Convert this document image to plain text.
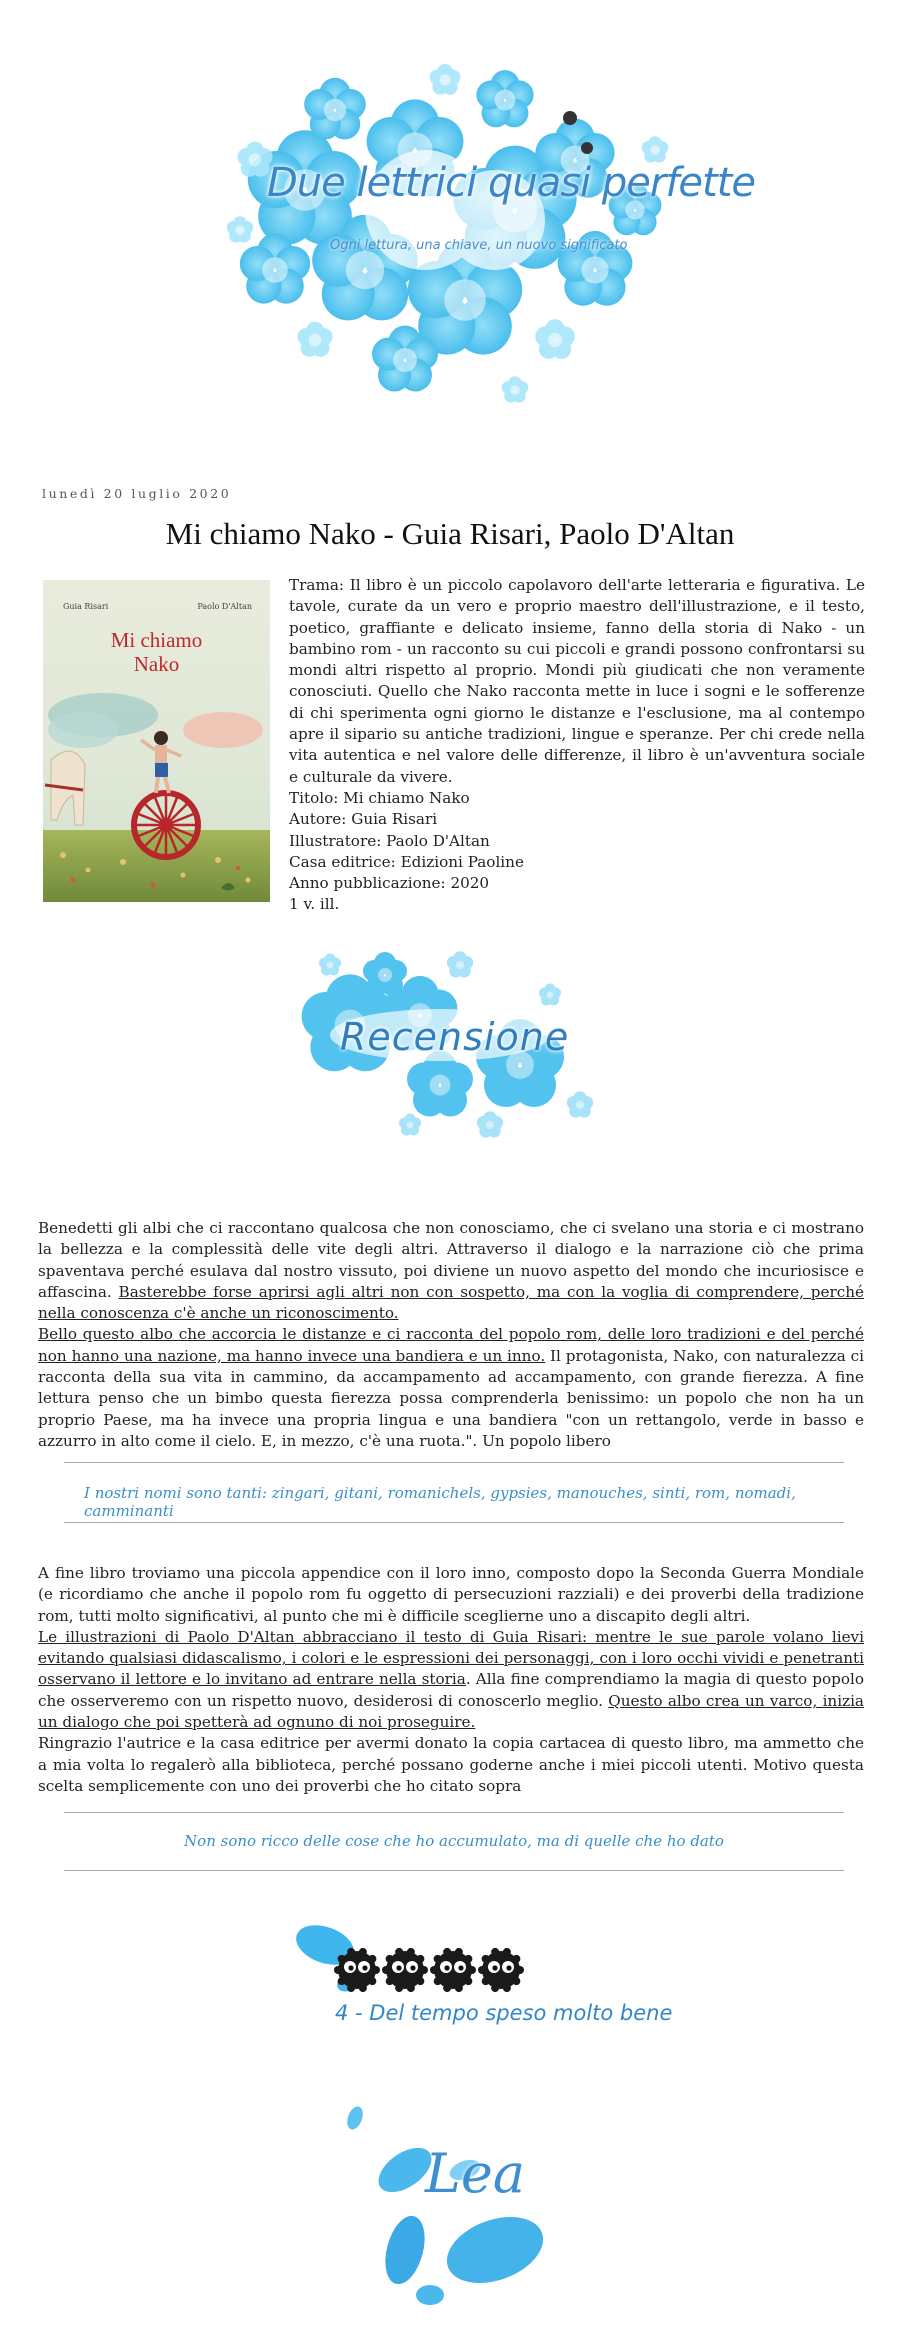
Due lettrici quasi perfette
Ogni lettura, una chiave, un nuovo significato
lunedì 20 luglio 2020
Mi chiamo Nako - Guia Risari, Paolo D'Altan
Guia Risari	Paolo D'Altan
Mi chiamo
Nako

Trama: Il libro è un piccolo capolavoro dell'arte letteraria e figurativa. Le tavole, curate da un vero e proprio maestro dell'illustrazione, e il testo, poetico, graffiante e delicato insieme, fanno della storia di Nako - un bambino rom - un racconto su cui piccoli e grandi possono confrontarsi su mondi altri rispetto al proprio. Mondi più giudicati che non veramente conosciuti. Quello che Nako racconta mette in luce i sogni e le sofferenze di chi sperimenta ogni giorno le distanze e l'esclusione, ma al contempo apre il sipario su antiche tradizioni, lingue e speranze. Per chi crede nella vita autentica e nel valore delle differenze, il libro è un'avventura sociale e culturale da vivere.

Titolo: Mi chiamo Nako

Autore: Guia Risari

Illustratore: Paolo D'Altan

Casa editrice: Edizioni Paoline

Anno pubblicazione: 2020

1 v. ill.

Recensione

Benedetti gli albi che ci raccontano qualcosa che non conosciamo, che ci svelano una storia e ci mostrano la bellezza e la complessità delle vite degli altri. Attraverso il dialogo e la narrazione ciò che prima spaventava perché esulava dal nostro vissuto, poi diviene un nuovo aspetto del mondo che incuriosisce e affascina. Basterebbe forse aprirsi agli altri non con sospetto, ma con la voglia di comprendere, perché nella conoscenza c'è anche un riconoscimento.

Bello questo albo che accorcia le distanze e ci racconta del popolo rom, delle loro tradizioni e del perché non hanno una nazione, ma hanno invece una bandiera e un inno. Il protagonista, Nako, con naturalezza ci racconta della sua vita in cammino, da accampamento ad accampamento, con grande fierezza. A fine lettura penso che un bimbo questa fierezza possa comprenderla benissimo: un popolo che non ha un proprio Paese, ma ha invece una propria lingua e una bandiera "con un rettangolo, verde in basso e azzurro in alto come il cielo. E, in mezzo, c'è una ruota.". Un popolo libero

I nostri nomi sono tanti: zingari, gitani, romanichels, gypsies, manouches, sinti, rom, nomadi, camminanti

A fine libro troviamo una piccola appendice con il loro inno, composto dopo la Seconda Guerra Mondiale (e ricordiamo che anche il popolo rom fu oggetto di persecuzioni razziali) e dei proverbi della tradizione rom, tutti molto significativi, al punto che mi è difficile sceglierne uno a discapito degli altri.

Le illustrazioni di Paolo D'Altan abbracciano il testo di Guia Risari: mentre le sue parole volano lievi evitando qualsiasi didascalismo, i colori e le espressioni dei personaggi, con i loro occhi vividi e penetranti osservano il lettore e lo invitano ad entrare nella storia. Alla fine comprendiamo la magia di questo popolo che osserveremo con un rispetto nuovo, desiderosi di conoscerlo meglio. Questo albo crea un varco, inizia un dialogo che poi spetterà ad ognuno di noi proseguire.

Ringrazio l'autrice e la casa editrice per avermi donato la copia cartacea di questo libro, ma ammetto che a mia volta lo regalerò alla biblioteca, perché possano goderne anche i miei piccoli utenti. Motivo questa scelta semplicemente con uno dei proverbi che ho citato sopra

Non sono ricco delle cose che ho accumulato, ma di quelle che ho dato
4 - Del tempo speso molto bene
Lea
